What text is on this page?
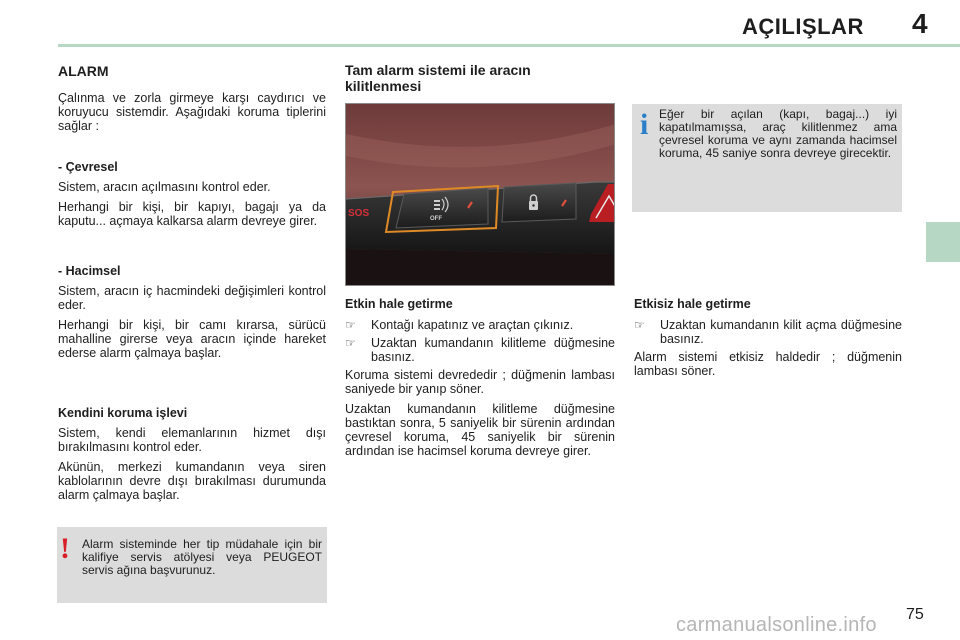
AÇILIŞLAR 4
ALARM

Çalınma ve zorla girmeye karşı caydırıcı ve koruyucu sistemdir. Aşağıdaki koruma tiplerini sağlar :

- Çevresel

Sistem, aracın açılmasını kontrol eder.

Herhangi bir kişi, bir kapıyı, bagajı ya da kaputu... açmaya kalkarsa alarm devreye girer.

- Hacimsel

Sistem, aracın iç hacmindeki değişimleri kontrol eder.

Herhangi bir kişi, bir camı kırarsa, sürücü mahalline girerse veya aracın içinde hareket ederse alarm çalmaya başlar.

Kendini koruma işlevi

Sistem, kendi elemanlarının hizmet dışı bırakılmasını kontrol eder.

Akünün, merkezi kumandanın veya siren kablolarının devre dışı bırakılması durumunda alarm çalmaya başlar.

! Alarm sisteminde her tip müdahale için bir kalifiye servis atölyesi veya PEUGEOT servis ağına başvurunuz.
Tam alarm sistemi ile aracın kilitlenmesi
SOS	OFF
Etkin hale getirme
☞	Kontağı kapatınız ve araçtan çıkınız.
☞	Uzaktan kumandanın kilitleme düğmesine basınız.

Koruma sistemi devrededir ; düğmenin lambası saniyede bir yanıp söner.

Uzaktan kumandanın kilitleme düğmesine bastıktan sonra, 5 saniyelik bir sürenin ardından çevresel koruma, 45 saniyelik bir sürenin ardından ise hacimsel koruma devreye girer.

i Eğer bir açılan (kapı, bagaj...) iyi kapatılmamışsa, araç kilitlenmez ama çevresel koruma ve aynı zamanda hacimsel koruma, 45 saniye sonra devreye girecektir.
Etkisiz hale getirme
☞	Uzaktan kumandanın kilit açma düğmesine basınız.

Alarm sistemi etkisiz haldedir ; düğmenin lambası söner.

75
carmanualsonline.info
